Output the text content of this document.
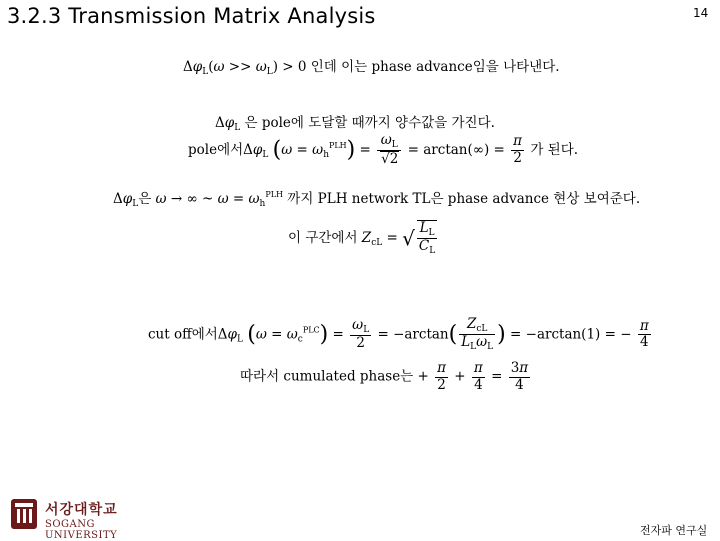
3.2.3 Transmission Matrix Analysis	14
$\Delta\varphi_L(\omega >> \omega_L) > 0$ 인데 이는 phase advance임을 나타낸다.
$\Delta\varphi_L$ 은 pole에 도달할 때까지 양수값을 가진다.
pole에서$\Delta\varphi_L$ $(\omega = \omega_h^{PLH}) = \frac{\omega_L}{√2} = \arctan(\infty) = \frac{\pi}{2}$ 가 된다.
$\Delta\varphi_L$은 ω → ∞ ~ $\omega = \omega_h^{PLH}$ 까지 PLH network TL은 phase advance 현상 보여준다.
이 구간에서 $Z_{cL}$ = √ $\frac{L_L}{C_L}$
cut off에서$\Delta\varphi_L$ $(\omega = \omega_c^{PLC}) = \frac{\omega_L}{2} = -\arctan( \frac{Z_{cL}}{L_L\omega_L}$ ) = −arctan(1) = − $\frac{\pi}{4}$
따라서 cumulated phase는 + $\frac{\pi}{2} + \frac{\pi}{4} = \frac{3\pi}{4}$
서강대학교
SOGANG UNIVERSITY	전자파 연구실
